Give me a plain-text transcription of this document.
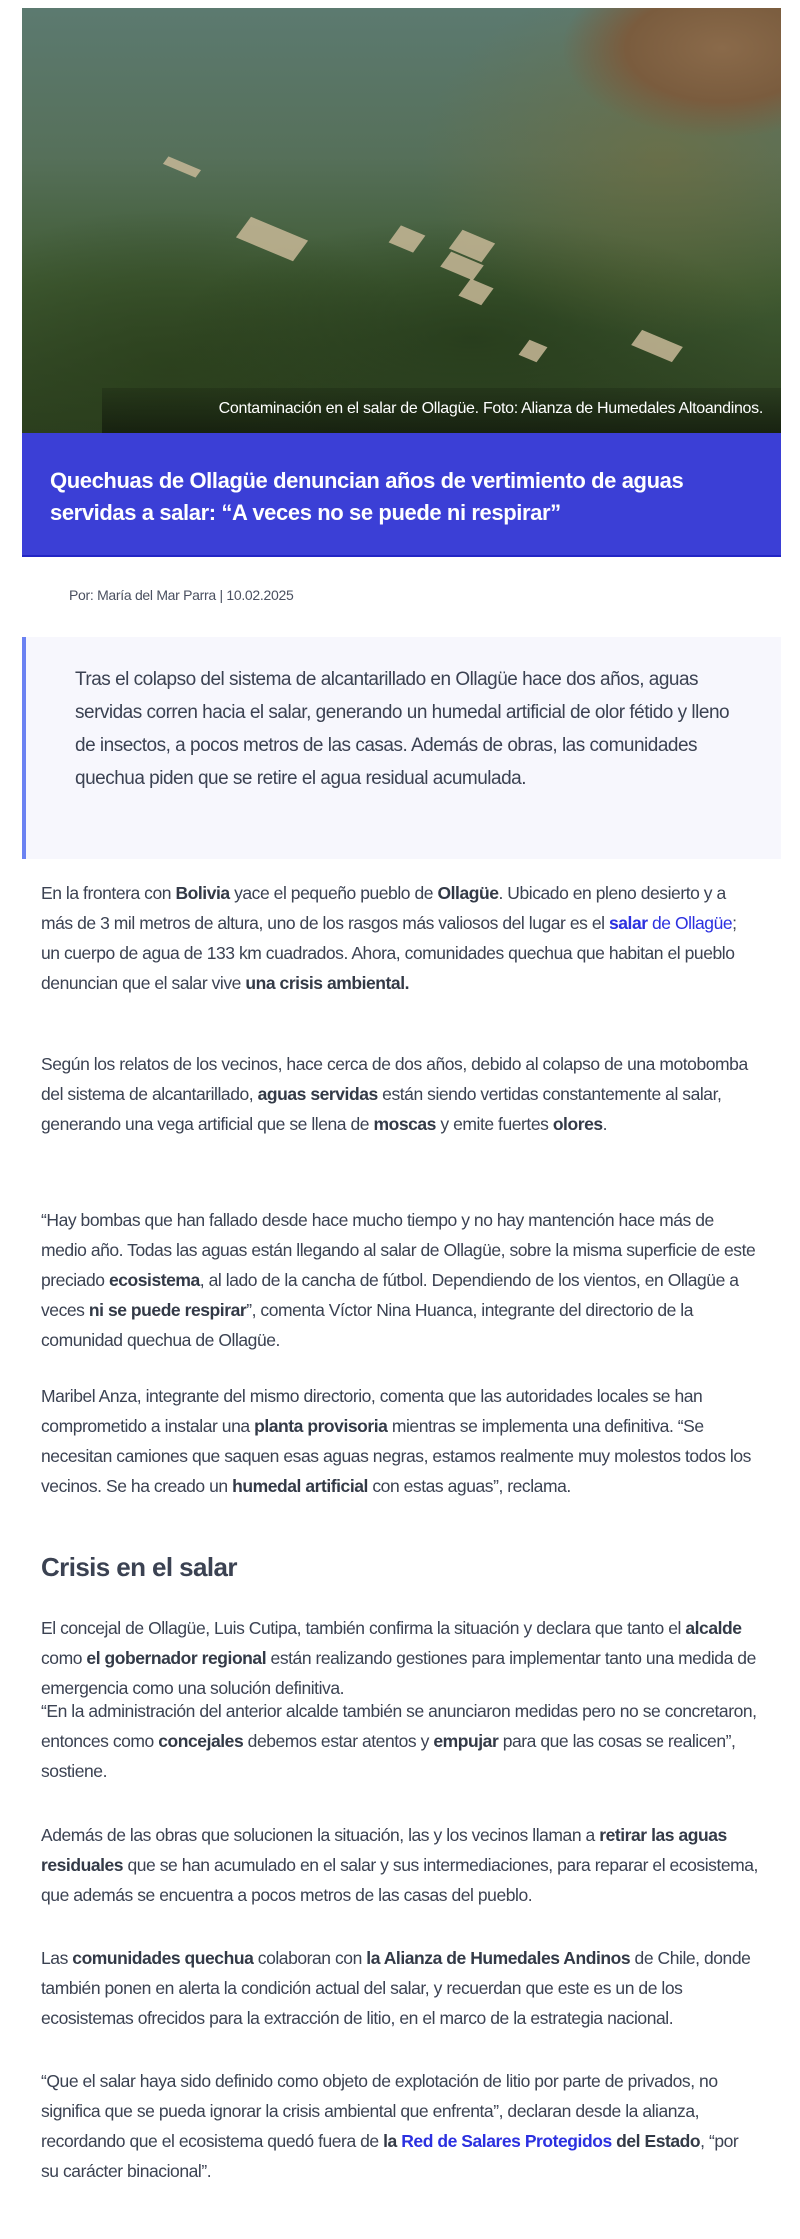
Contaminación en el salar de Ollagüe. Foto: Alianza de Humedales Altoandinos.
Quechuas de Ollagüe denuncian años de vertimiento de aguas servidas a salar: “A veces no se puede ni respirar”
Por: María del Mar Parra | 10.02.2025

Tras el colapso del sistema de alcantarillado en Ollagüe hace dos años, aguas servidas corren hacia el salar, generando un humedal artificial de olor fétido y lleno de insectos, a pocos metros de las casas. Además de obras, las comunidades quechua piden que se retire el agua residual acumulada.

En la frontera con Bolivia yace el pequeño pueblo de Ollagüe. Ubicado en pleno desierto y a más de 3 mil metros de altura, uno de los rasgos más valiosos del lugar es el salar de Ollagüe; un cuerpo de agua de 133 km cuadrados. Ahora, comunidades quechua que habitan el pueblo denuncian que el salar vive una crisis ambiental.

Según los relatos de los vecinos, hace cerca de dos años, debido al colapso de una motobomba del sistema de alcantarillado, aguas servidas están siendo vertidas constantemente al salar, generando una vega artificial que se llena de moscas y emite fuertes olores.

“Hay bombas que han fallado desde hace mucho tiempo y no hay mantención hace más de medio año. Todas las aguas están llegando al salar de Ollagüe, sobre la misma superficie de este preciado ecosistema, al lado de la cancha de fútbol. Dependiendo de los vientos, en Ollagüe a veces ni se puede respirar”, comenta Víctor Nina Huanca, integrante del directorio de la comunidad quechua de Ollagüe.

Maribel Anza, integrante del mismo directorio, comenta que las autoridades locales se han comprometido a instalar una planta provisoria mientras se implementa una definitiva. “Se necesitan camiones que saquen esas aguas negras, estamos realmente muy molestos todos los vecinos. Se ha creado un humedal artificial con estas aguas”, reclama.

Crisis en el salar

El concejal de Ollagüe, Luis Cutipa, también confirma la situación y declara que tanto el alcalde como el gobernador regional están realizando gestiones para implementar tanto una medida de emergencia como una solución definitiva.

“En la administración del anterior alcalde también se anunciaron medidas pero no se concretaron, entonces como concejales debemos estar atentos y empujar para que las cosas se realicen”, sostiene.

Además de las obras que solucionen la situación, las y los vecinos llaman a retirar las aguas residuales que se han acumulado en el salar y sus intermediaciones, para reparar el ecosistema, que además se encuentra a pocos metros de las casas del pueblo.

Las comunidades quechua colaboran con la Alianza de Humedales Andinos de Chile, donde también ponen en alerta la condición actual del salar, y recuerdan que este es un de los ecosistemas ofrecidos para la extracción de litio, en el marco de la estrategia nacional.

“Que el salar haya sido definido como objeto de explotación de litio por parte de privados, no significa que se pueda ignorar la crisis ambiental que enfrenta”, declaran desde la alianza, recordando que el ecosistema quedó fuera de la Red de Salares Protegidos del Estado, “por su carácter binacional”.
